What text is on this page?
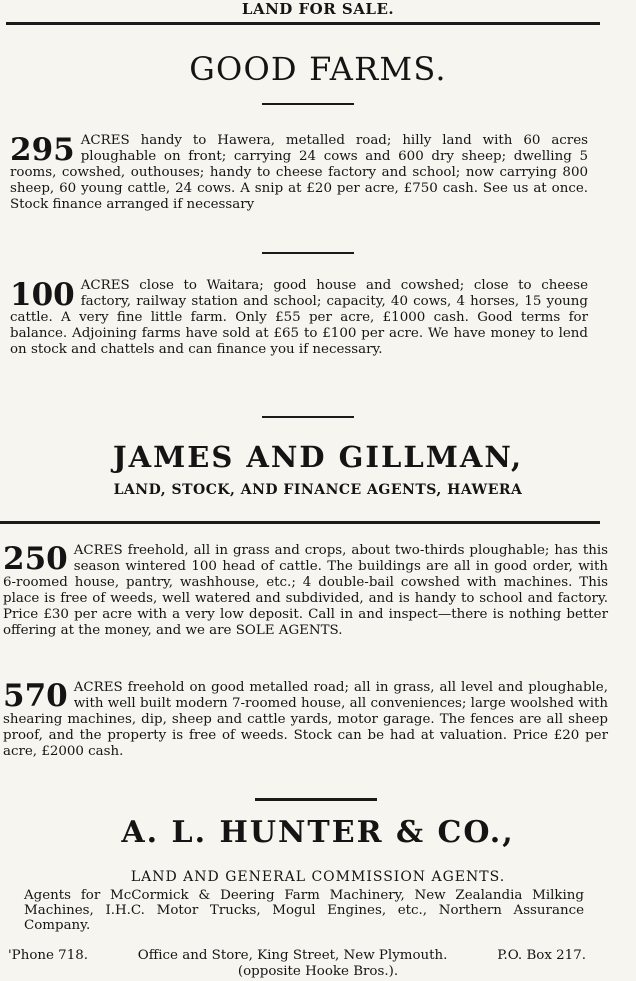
LAND FOR SALE.
GOOD FARMS.
295 ACRES handy to Hawera, metalled road; hilly land with 60 acres ploughable on front; carrying 24 cows and 600 dry sheep; dwelling 5 rooms, cowshed, outhouses; handy to cheese factory and school; now carrying 800 sheep, 60 young cattle, 24 cows. A snip at £20 per acre, £750 cash. See us at once. Stock finance arranged if necessary
100 ACRES close to Waitara; good house and cowshed; close to cheese factory, railway station and school; capacity, 40 cows, 4 horses, 15 young cattle. A very fine little farm. Only £55 per acre, £1000 cash. Good terms for balance. Adjoining farms have sold at £65 to £100 per acre. We have money to lend on stock and chattels and can finance you if necessary.
JAMES AND GILLMAN,
LAND, STOCK, AND FINANCE AGENTS, HAWERA
250 ACRES freehold, all in grass and crops, about two-thirds ploughable; has this season wintered 100 head of cattle. The buildings are all in good order, with 6-roomed house, pantry, washhouse, etc.; 4 double-bail cowshed with machines. This place is free of weeds, well watered and subdivided, and is handy to school and factory. Price £30 per acre with a very low deposit. Call in and inspect—there is nothing better offering at the money, and we are SOLE AGENTS.
570 ACRES freehold on good metalled road; all in grass, all level and ploughable, with well built modern 7-roomed house, all conveniences; large woolshed with shearing machines, dip, sheep and cattle yards, motor garage. The fences are all sheep proof, and the property is free of weeds. Stock can be had at valuation. Price £20 per acre, £2000 cash.
A. L. HUNTER & CO.,
LAND AND GENERAL COMMISSION AGENTS.
Agents for McCormick & Deering Farm Machinery, New Zealandia Milking Machines, I.H.C. Motor Trucks, Mogul Engines, etc., Northern Assurance Company.
'Phone 718.	Office and Store, King Street, New Plymouth.	P.O. Box 217.
(opposite Hooke Bros.).
